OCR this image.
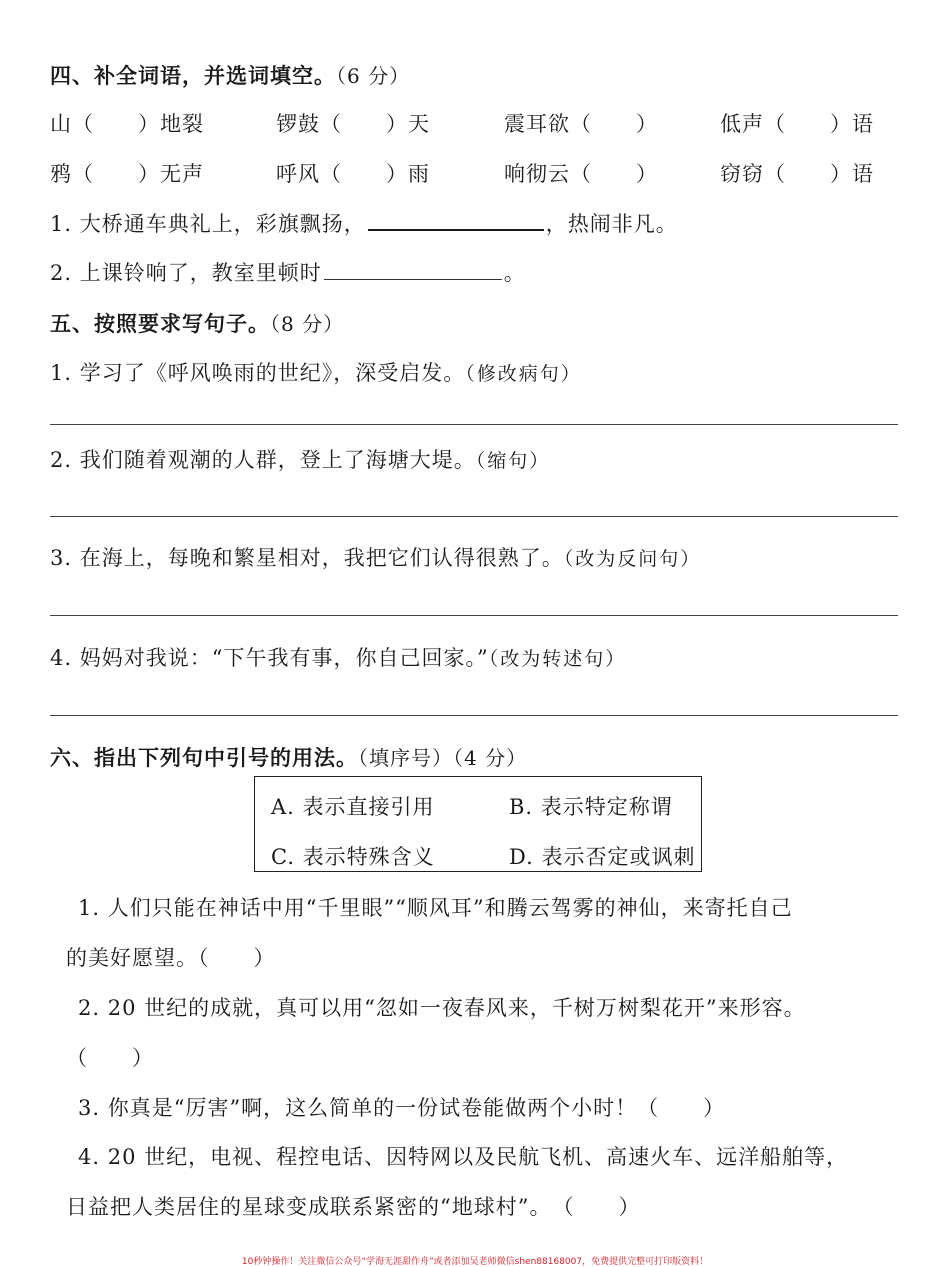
四、补全词语，并选词填空。（6 分）
山（　　）地裂	锣鼓（　　）天	震耳欲（　　）	低声（　　）语
鸦（　　）无声	呼风（　　）雨	响彻云（　　）	窃窃（　　）语
1. 大桥通车典礼上，彩旗飘扬，	，热闹非凡。
2. 上课铃响了，教室里顿时	。
五、按照要求写句子。（8 分）
1. 学习了《呼风唤雨的世纪》，深受启发。（修改病句）
2. 我们随着观潮的人群，登上了海塘大堤。（缩句）
3. 在海上，每晚和繁星相对，我把它们认得很熟了。（改为反问句）
4. 妈妈对我说：“下午我有事，你自己回家。”（改为转述句）
六、指出下列句中引号的用法。（填序号）（4 分）
A. 表示直接引用	B. 表示特定称谓
C. 表示特殊含义	D. 表示否定或讽刺
1. 人们只能在神话中用“千里眼”“顺风耳”和腾云驾雾的神仙，来寄托自己
的美好愿望。（　　）
2. 20 世纪的成就，真可以用“忽如一夜春风来，千树万树梨花开”来形容。
（　　）
3. 你真是“厉害”啊，这么简单的一份试卷能做两个小时！（　　）
4. 20 世纪，电视、程控电话、因特网以及民航飞机、高速火车、远洋船舶等，
日益把人类居住的星球变成联系紧密的“地球村”。　（　　）
10秒钟操作！关注微信公众号“学海无涯甜作舟”或者添加吴老师微信shen88168007，免费提供完整可打印版资料！
